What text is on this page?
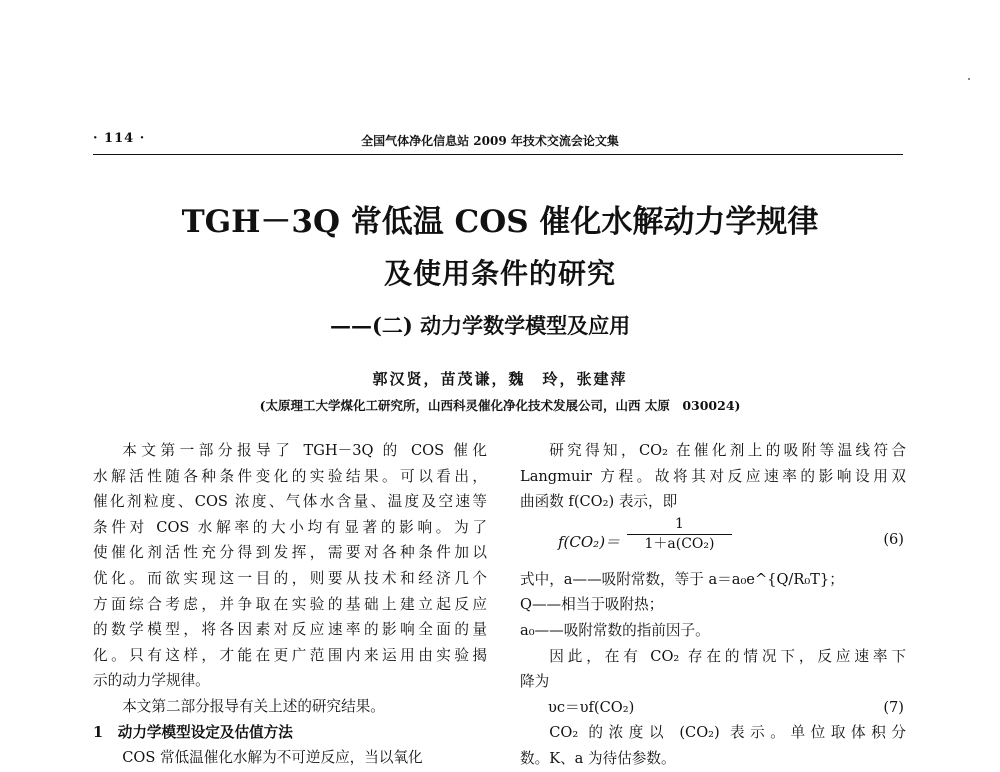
· 114 ·	全国气体净化信息站 2009 年技术交流会论文集
TGH－3Q 常低温 COS 催化水解动力学规律
及使用条件的研究
——(二) 动力学数学模型及应用
郭汉贤，苗茂谦，魏　玲，张建萍
(太原理工大学煤化工研究所，山西科灵催化净化技术发展公司，山西 太原　030024)

本文第一部分报导了 TGH－3Q 的 COS 催化

水解活性随各种条件变化的实验结果。可以看出，

催化剂粒度、COS 浓度、气体水含量、温度及空速等

条件对 COS 水解率的大小均有显著的影响。为了

使催化剂活性充分得到发挥，需要对各种条件加以

优化。而欲实现这一目的，则要从技术和经济几个

方面综合考虑，并争取在实验的基础上建立起反应

的数学模型，将各因素对反应速率的影响全面的量

化。只有这样，才能在更广范围内来运用由实验揭

示的动力学规律。

本文第二部分报导有关上述的研究结果。

1　动力学模型设定及估值方法

COS 常低温催化水解为不可逆反应，当以氧化

研究得知，CO₂ 在催化剂上的吸附等温线符合

Langmuir 方程。故将其对反应速率的影响设用双

曲函数 f(CO₂) 表示，即

f(CO₂)＝
1
1＋a(CO₂)	(6)
式中，a——吸附常数，等于 a＝a₀e^{Q/R₀T}；
Q——相当于吸附热；
a₀——吸附常数的指前因子。

因此，在有 CO₂ 存在的情况下，反应速率下

降为

υc＝υf(CO₂)	(7)

CO₂ 的浓度以 (CO₂) 表示。单位取体积分

数。K、a 为待估参数。
